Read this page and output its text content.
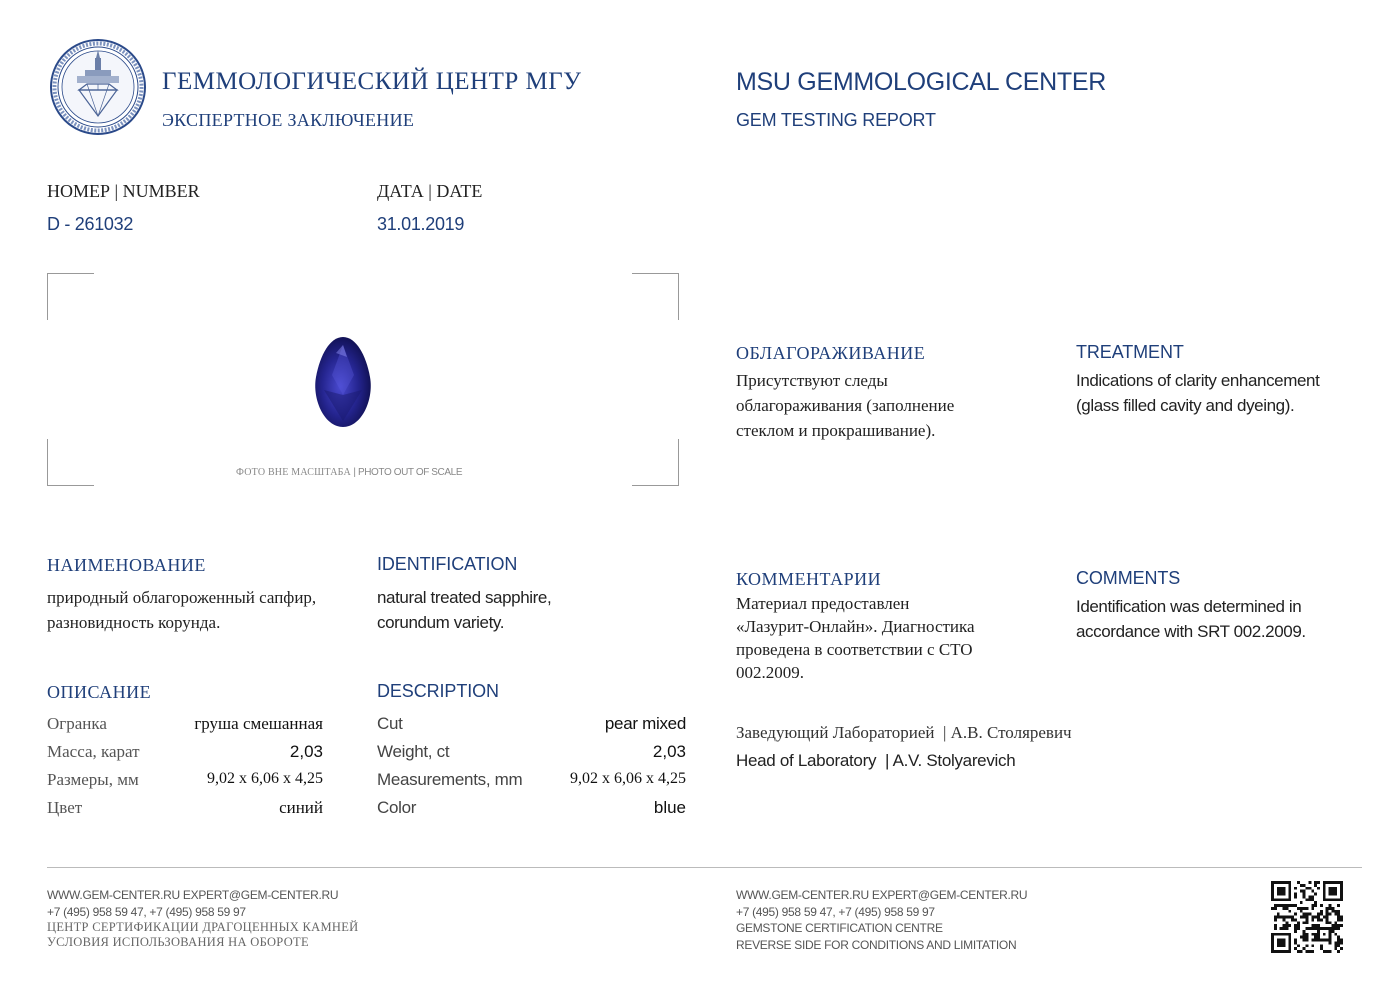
ГЕММОЛОГИЧЕСКИЙ ЦЕНТР МГУ
ЭКСПЕРТНОЕ ЗАКЛЮЧЕНИЕ
MSU GEMMOLOGICAL CENTER
GEM TESTING REPORT
НОМЕР | NUMBER
D - 261032
ДАТА | DATE
31.01.2019
ФОТО ВНЕ МАСШТАБА | PHOTO OUT OF SCALE
ОБЛАГОРАЖИВАНИЕ
Присутствуют следы облагораживания (заполнение стеклом и прокрашивание).
TREATMENT
Indications of clarity enhancement (glass filled cavity and dyeing).
НАИМЕНОВАНИЕ
природный облагороженный сапфир, разновидность корунда.
IDENTIFICATION
natural treated sapphire, corundum variety.
КОММЕНТАРИИ
Материал предоставлен «Лазурит-Онлайн». Диагностика проведена в соответствии с СТО 002.2009.
COMMENTS
Identification was determined in accordance with SRT 002.2009.
ОПИСАНИЕ	DESCRIPTION
Огранка	груша смешанная	Cut	pear mixed
Масса, карат	2,03	Weight, ct	2,03
Размеры, мм	9,02 x 6,06 x 4,25	Measurements, mm	9,02 x 6,06 x 4,25
Цвет	синий	Color	blue
Заведующий Лабораторией  | А.В. Столяревич
Head of Laboratory  | A.V. Stolyarevich
WWW.GEM-CENTER.RU EXPERT@GEM-CENTER.RU
+7 (495) 958 59 47, +7 (495) 958 59 97
ЦЕНТР СЕРТИФИКАЦИИ ДРАГОЦЕННЫХ КАМНЕЙ
УСЛОВИЯ ИСПОЛЬЗОВАНИЯ НА ОБОРОТЕ
WWW.GEM-CENTER.RU EXPERT@GEM-CENTER.RU
+7 (495) 958 59 47, +7 (495) 958 59 97
GEMSTONE CERTIFICATION CENTRE
REVERSE SIDE FOR CONDITIONS AND LIMITATION
